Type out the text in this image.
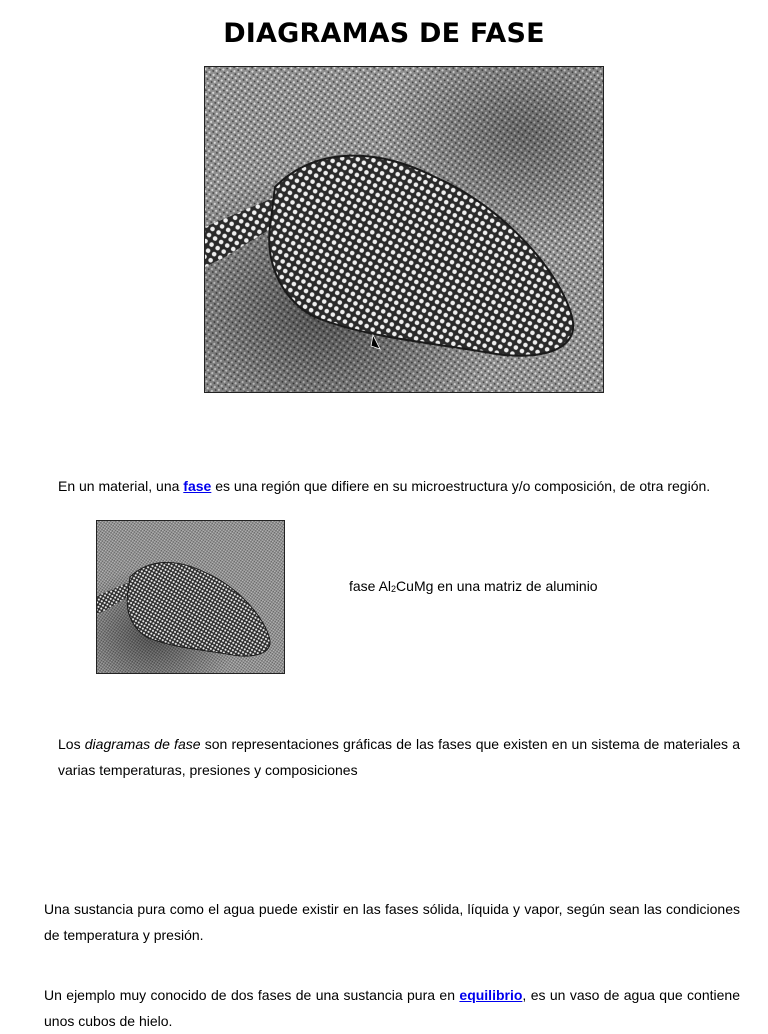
DIAGRAMAS DE FASE

En un material, una fase es una región que difiere en su microestructura y/o composición, de otra región.

fase $Al_2CuMg$ en una matriz de aluminio

Los diagramas de fase son representaciones gráficas de las fases que existen en un sistema de materiales a varias temperaturas, presiones y composiciones

Una sustancia pura como el agua puede existir en las fases sólida, líquida y vapor, según sean las condiciones de temperatura y presión.

Un ejemplo muy conocido de dos fases de una sustancia pura en equilibrio, es un vaso de agua que contiene unos cubos de hielo.
